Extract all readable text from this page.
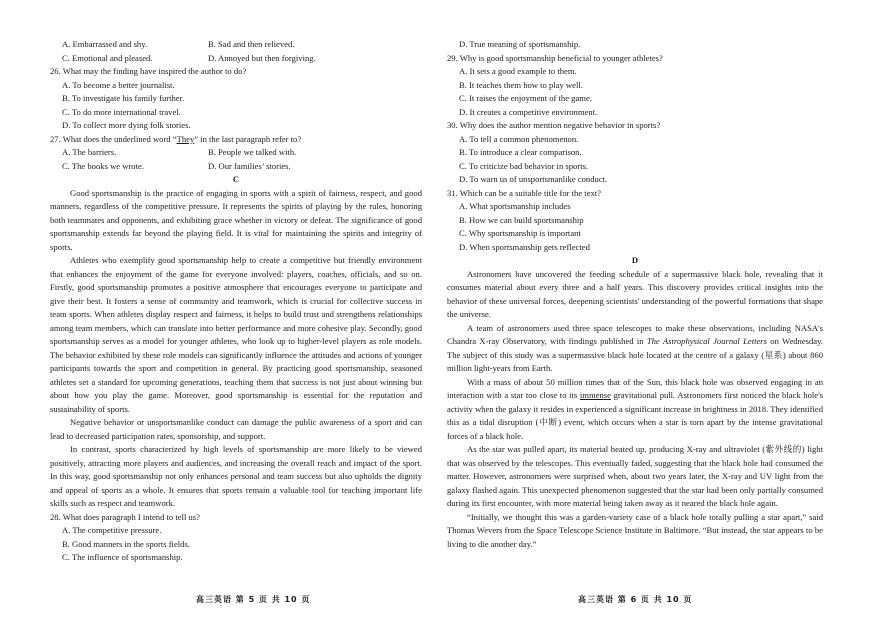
A. Embarrassed and shy.	B. Sad and then relieved.
C. Emotional and pleased.	D. Annoyed but then forgiving.
26. What may the finding have inspired the author to do?
A. To become a better journalist.
B. To investigate his family further.
C. To do more international travel.
D. To collect more dying folk stories.
27. What does the underlined word “They” in the last paragraph refer to?
A. The barriers.	B. People we talked with.
C. The books we wrote.	D. Our families’ stories.
C

Good sportsmanship is the practice of engaging in sports with a spirit of fairness, respect, and good manners, regardless of the competitive pressure. It represents the spirits of playing by the rules, honoring both teammates and opponents, and exhibiting grace whether in victory or defeat. The significance of good sportsmanship extends far beyond the playing field. It is vital for maintaining the spirits and integrity of sports.

Athletes who exemplify good sportsmanship help to create a competitive but friendly environment that enhances the enjoyment of the game for everyone involved: players, coaches, officials, and so on. Firstly, good sportsmanship promotes a positive atmosphere that encourages everyone to participate and give their best. It fosters a sense of community and teamwork, which is crucial for collective success in team sports. When athletes display respect and fairness, it helps to build trust and strengthens relationships among team members, which can translate into better performance and more cohesive play. Secondly, good sportsmanship serves as a model for younger athletes, who look up to higher-level players as role models. The behavior exhibited by these role models can significantly influence the attitudes and actions of younger participants towards the sport and competition in general. By practicing good sportsmanship, seasoned athletes set a standard for upcoming generations, teaching them that success is not just about winning but about how you play the game. Moreover, good sportsmanship is essential for the reputation and sustainability of sports.

Negative behavior or unsportsmanlike conduct can damage the public awareness of a sport and can lead to decreased participation rates, sponsorship, and support.

In contrast, sports characterized by high levels of sportsmanship are more likely to be viewed positively, attracting more players and audiences, and increasing the overall reach and impact of the sport. In this way, good sportsmanship not only enhances personal and team success but also upholds the dignity and appeal of sports as a whole. It ensures that sports remain a valuable tool for teaching important life skills such as respect and teamwork.

28. What does paragraph I intend to tell us?
A. The competitive pressure.
B. Good manners in the sports fields.
C. The influence of sportsmanship.
D. True meaning of sportsmanship.
29. Why is good sportsmanship beneficial to younger athletes?
A. It sets a good example to them.
B. It teaches them how to play well.
C. It raises the enjoyment of the game.
D. It creates a competitive environment.
30. Why does the author mention negative behavior in sports?
A. To tell a common phenomenon.
B. To introduce a clear comparison.
C. To criticize bad behavior in sports.
D. To warn us of unsportsmanlike conduct.
31. Which can be a suitable title for the text?
A. What sportsmanship includes
B. How we can build sportsmanship
C. Why sportsmanship is important
D. When sportsmanship gets reflected
D

Astronomers have uncovered the feeding schedule of a supermassive black hole, revealing that it consumes material about every three and a half years. This discovery provides critical insights into the behavior of these universal forces, deepening scientists' understanding of the powerful formations that shape the universe.

A team of astronomers used three space telescopes to make these observations, including NASA's Chandra X-ray Observatory, with findings published in The Astrophysical Journal Letters on Wednesday. The subject of this study was a supermassive black hole located at the centre of a galaxy (星系) about 860 million light-years from Earth.

With a mass of about 50 million times that of the Sun, this black hole was observed engaging in an interaction with a star too close to its immense gravitational pull. Astronomers first noticed the black hole's activity when the galaxy it resides in experienced a significant increase in brightness in 2018. They identified this as a tidal disruption (中断) event, which occurs when a star is torn apart by the intense gravitational forces of a black hole.

As the star was pulled apart, its material heated up, producing X-ray and ultraviolet (紫外线的) light that was observed by the telescopes. This eventually faded, suggesting that the black hole had consumed the matter. However, astronomers were surprised when, about two years later, the X-ray and UV light from the galaxy flashed again. This unexpected phenomenon suggested that the star had been only partially consumed during its first encounter, with more material being taken away as it neared the black hole again.

“Initially, we thought this was a garden-variety case of a black hole totally pulling a star apart,” said Thomas Wevers from the Space Telescope Science Institute in Baltimore. “But instead, the star appears to be living to die another day.”

高三英语 第 5 页 共 10 页	高三英语 第 6 页 共 10 页
